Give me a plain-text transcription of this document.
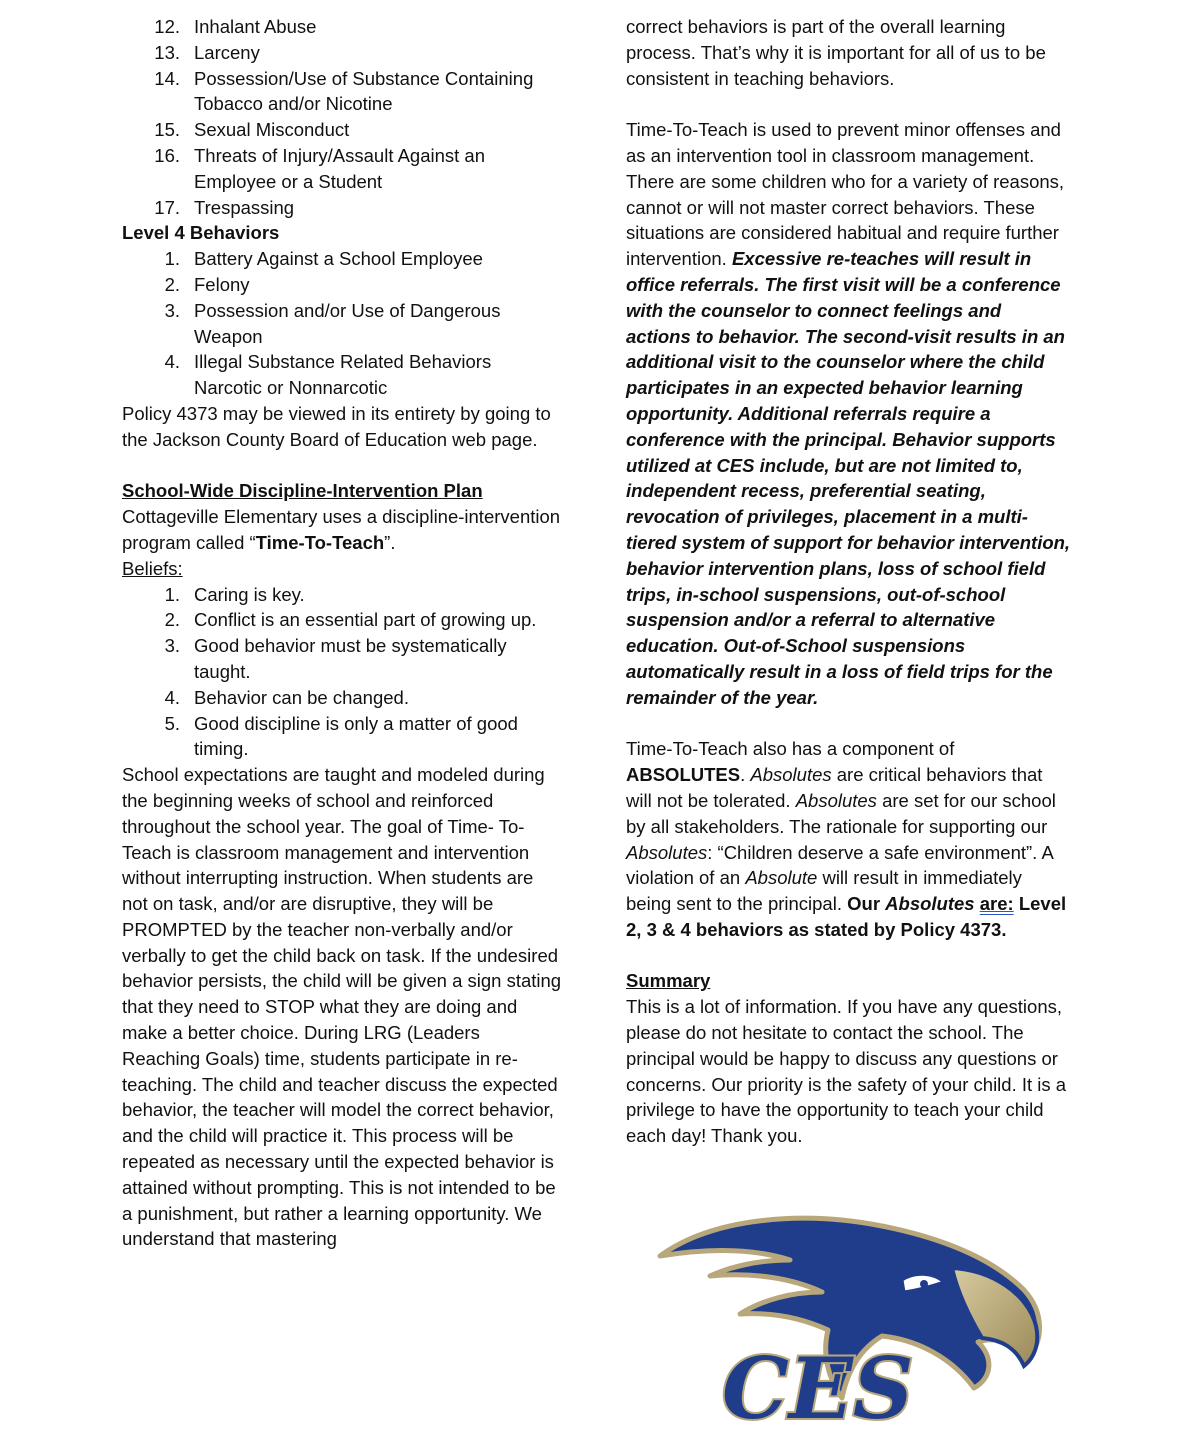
12. Inhalant Abuse
13. Larceny
14. Possession/Use of Substance Containing Tobacco and/or Nicotine
15. Sexual Misconduct
16. Threats of Injury/Assault Against an Employee or a Student
17. Trespassing

Level 4 Behaviors

1. Battery Against a School Employee
2. Felony
3. Possession and/or Use of Dangerous Weapon
4. Illegal Substance Related Behaviors Narcotic or Nonnarcotic

Policy 4373 may be viewed in its entirety by going to the Jackson County Board of Education web page.

School-Wide Discipline-Intervention Plan

Cottageville Elementary uses a discipline-intervention program called “Time-To-Teach”.

Beliefs:

1. Caring is key.
2. Conflict is an essential part of growing up.
3. Good behavior must be systematically taught.
4. Behavior can be changed.
5. Good discipline is only a matter of good timing.

School expectations are taught and modeled during the beginning weeks of school and reinforced throughout the school year. The goal of Time- To-Teach is classroom management and intervention without interrupting instruction. When students are not on task, and/or are disruptive, they will be PROMPTED by the teacher non-verbally and/or verbally to get the child back on task. If the undesired behavior persists, the child will be given a sign stating that they need to STOP what they are doing and make a better choice. During LRG (Leaders Reaching Goals) time, students participate in re-teaching. The child and teacher discuss the expected behavior, the teacher will model the correct behavior, and the child will practice it. This process will be repeated as necessary until the expected behavior is attained without prompting. This is not intended to be a punishment, but rather a learning opportunity. We understand that mastering

correct behaviors is part of the overall learning process. That’s why it is important for all of us to be consistent in teaching behaviors.

Time-To-Teach is used to prevent minor offenses and as an intervention tool in classroom management. There are some children who for a variety of reasons, cannot or will not master correct behaviors. These situations are considered habitual and require further intervention. Excessive re-teaches will result in office referrals. The first visit will be a conference with the counselor to connect feelings and actions to behavior. The second-visit results in an additional visit to the counselor where the child participates in an expected behavior learning opportunity. Additional referrals require a conference with the principal. Behavior supports utilized at CES include, but are not limited to, independent recess, preferential seating, revocation of privileges, placement in a multi-tiered system of support for behavior intervention, behavior intervention plans, loss of school field trips, in-school suspensions, out-of-school suspension and/or a referral to alternative education. Out-of-School suspensions automatically result in a loss of field trips for the remainder of the year.

Time-To-Teach also has a component of ABSOLUTES. Absolutes are critical behaviors that will not be tolerated. Absolutes are set for our school by all stakeholders. The rationale for supporting our Absolutes: “Children deserve a safe environment”. A violation of an Absolute will result in immediately being sent to the principal. Our Absolutes are: Level 2, 3 & 4 behaviors as stated by Policy 4373.

Summary

This is a lot of information. If you have any questions, please do not hesitate to contact the school. The principal would be happy to discuss any questions or concerns. Our priority is the safety of your child. It is a privilege to have the opportunity to teach your child each day! Thank you.

CES
